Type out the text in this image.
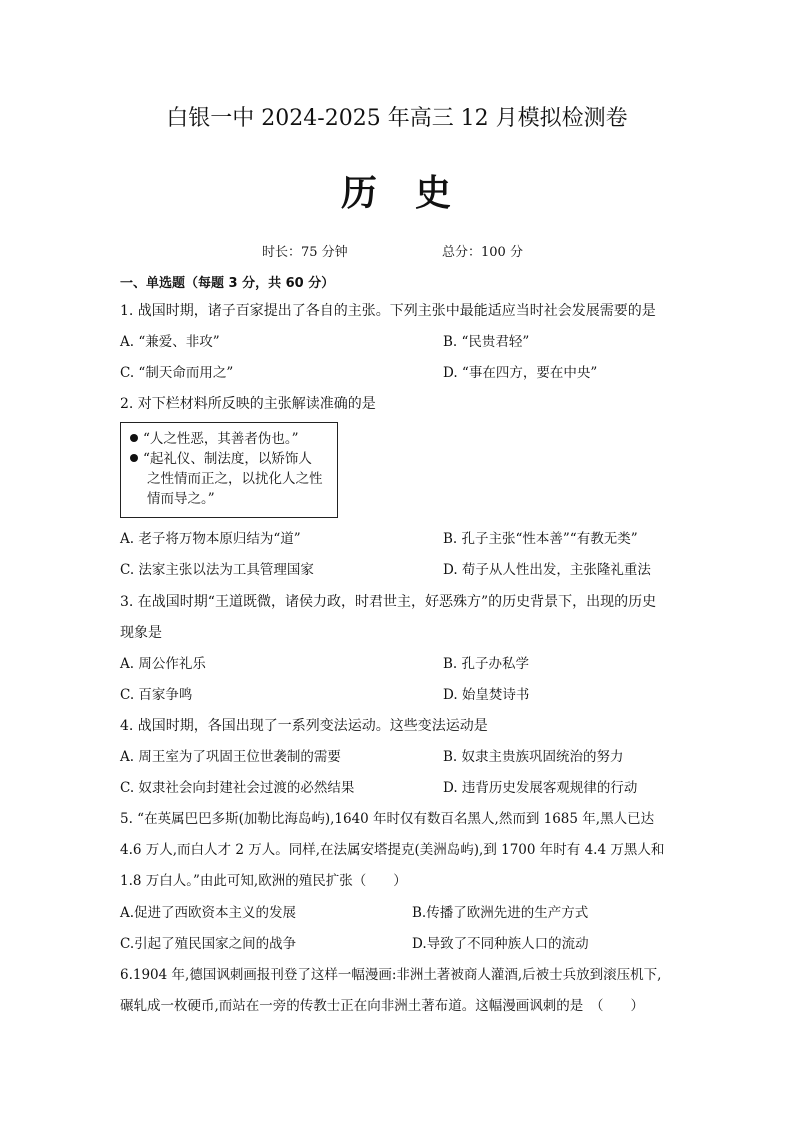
白银一中 2024-2025 年高三 12 月模拟检测卷
历 史
时长：75 分钟	总分：100 分
一、单选题（每题 3 分，共 60 分）
1. 战国时期，诸子百家提出了各自的主张。下列主张中最能适应当时社会发展需要的是
A. “兼爱、非攻”	B. “民贵君轻”
C. “制天命而用之”	D. “事在四方，要在中央”
2. 对下栏材料所反映的主张解读准确的是
“人之性恶，其善者伪也。”
“起礼仪、制法度，以矫饰人
之性情而正之，以扰化人之性
情而导之。”
A. 老子将万物本原归结为“道”	B. 孔子主张“性本善”“有教无类”
C. 法家主张以法为工具管理国家	D. 荀子从人性出发，主张隆礼重法
3. 在战国时期“王道既微，诸侯力政，时君世主，好恶殊方”的历史背景下，出现的历史
现象是
A. 周公作礼乐	B. 孔子办私学
C. 百家争鸣	D. 始皇焚诗书
4. 战国时期，各国出现了一系列变法运动。这些变法运动是
A. 周王室为了巩固王位世袭制的需要	B. 奴隶主贵族巩固统治的努力
C. 奴隶社会向封建社会过渡的必然结果	D. 违背历史发展客观规律的行动
5. “在英属巴巴多斯(加勒比海岛屿),1640 年时仅有数百名黑人,然而到 1685 年,黑人已达
4.6 万人,而白人才 2 万人。同样,在法属安塔提克(美洲岛屿),到 1700 年时有 4.4 万黑人和
1.8 万白人。”由此可知,欧洲的殖民扩张（　　）
A.促进了西欧资本主义的发展	B.传播了欧洲先进的生产方式
C.引起了殖民国家之间的战争	D.导致了不同种族人口的流动
6.1904 年,德国讽刺画报刊登了这样一幅漫画:非洲土著被商人灌酒,后被士兵放到滚压机下,
碾轧成一枚硬币,而站在一旁的传教士正在向非洲土著布道。这幅漫画讽刺的是　（　　）
